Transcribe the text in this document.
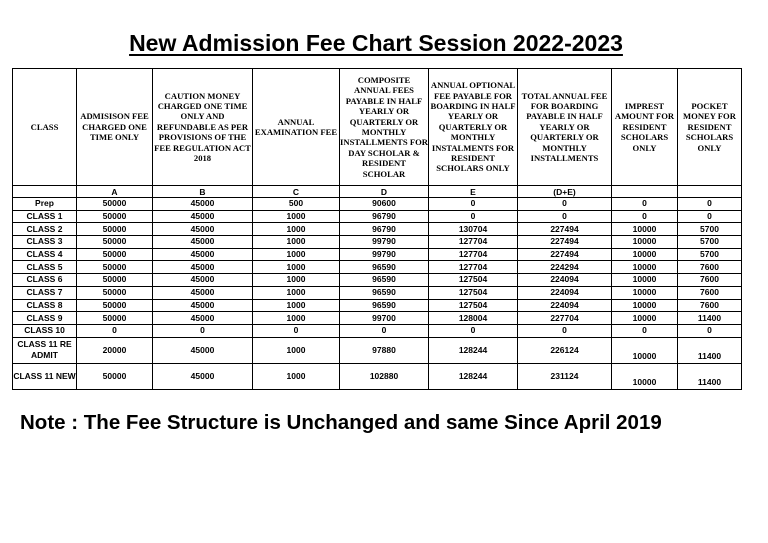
New Admission Fee Chart Session 2022-2023
CLASS	ADMISISON FEE CHARGED ONE TIME ONLY	CAUTION MONEY CHARGED ONE TIME ONLY AND REFUNDABLE AS PER PROVISIONS OF THE FEE REGULATION ACT 2018	ANNUAL EXAMINATION FEE	COMPOSITE ANNUAL FEES PAYABLE IN HALF YEARLY OR QUARTERLY OR MONTHLY INSTALLMENTS FOR DAY SCHOLAR & RESIDENT SCHOLAR	ANNUAL OPTIONAL FEE PAYABLE FOR BOARDING IN HALF YEARLY OR QUARTERLY OR MONTHLY INSTALMENTS FOR RESIDENT SCHOLARS ONLY	TOTAL ANNUAL FEE FOR BOARDING PAYABLE IN HALF YEARLY OR QUARTERLY OR MONTHLY INSTALLMENTS	IMPREST AMOUNT FOR RESIDENT SCHOLARS ONLY	POCKET MONEY FOR RESIDENT SCHOLARS ONLY
	A	B	C	D	E	(D+E)		
Prep	50000	45000	500	90600	0	0	0	0
CLASS 1	50000	45000	1000	96790	0	0	0	0
CLASS 2	50000	45000	1000	96790	130704	227494	10000	5700
CLASS 3	50000	45000	1000	99790	127704	227494	10000	5700
CLASS 4	50000	45000	1000	99790	127704	227494	10000	5700
CLASS 5	50000	45000	1000	96590	127704	224294	10000	7600
CLASS 6	50000	45000	1000	96590	127504	224094	10000	7600
CLASS 7	50000	45000	1000	96590	127504	224094	10000	7600
CLASS 8	50000	45000	1000	96590	127504	224094	10000	7600
CLASS 9	50000	45000	1000	99700	128004	227704	10000	11400
CLASS 10	0	0	0	0	0	0	0	0
CLASS 11 RE ADMIT	20000	45000	1000	97880	128244	226124	10000	11400
CLASS 11 NEW	50000	45000	1000	102880	128244	231124	10000	11400
Note : The Fee Structure is Unchanged and same Since April 2019
